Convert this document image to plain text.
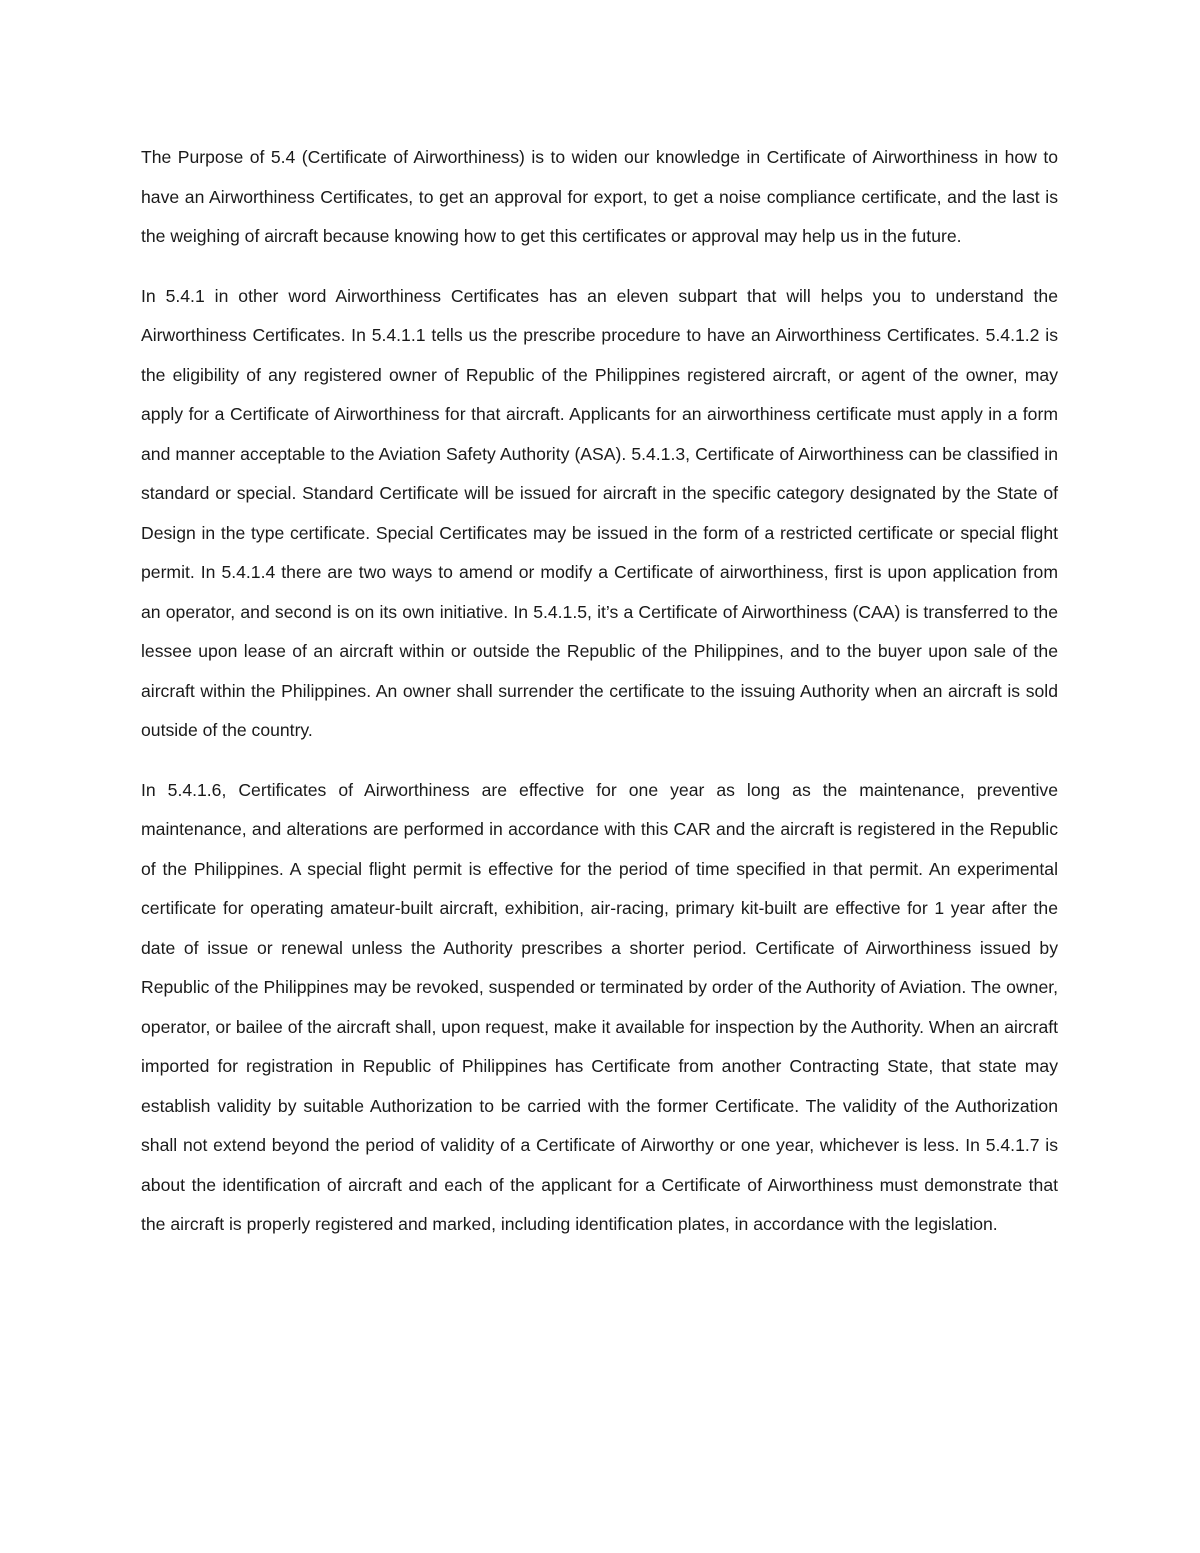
The Purpose of 5.4 (Certificate of Airworthiness) is to widen our knowledge in Certificate of Airworthiness in how to have an Airworthiness Certificates, to get an approval for export, to get a noise compliance certificate, and the last is the weighing of aircraft because knowing how to get this certificates or approval may help us in the future.

In 5.4.1 in other word Airworthiness Certificates has an eleven subpart that will helps you to understand the Airworthiness Certificates. In 5.4.1.1 tells us the prescribe procedure to have an Airworthiness Certificates. 5.4.1.2 is the eligibility of any registered owner of Republic of the Philippines registered aircraft, or agent of the owner, may apply for a Certificate of Airworthiness for that aircraft. Applicants for an airworthiness certificate must apply in a form and manner acceptable to the Aviation Safety Authority (ASA). 5.4.1.3, Certificate of Airworthiness can be classified in standard or special. Standard Certificate will be issued for aircraft in the specific category designated by the State of Design in the type certificate. Special Certificates may be issued in the form of a restricted certificate or special flight permit. In 5.4.1.4 there are two ways to amend or modify a Certificate of airworthiness, first is upon application from an operator, and second is on its own initiative. In 5.4.1.5, it’s a Certificate of Airworthiness (CAA) is transferred to the lessee upon lease of an aircraft within or outside the Republic of the Philippines, and to the buyer upon sale of the aircraft within the Philippines. An owner shall surrender the certificate to the issuing Authority when an aircraft is sold outside of the country.

In 5.4.1.6, Certificates of Airworthiness are effective for one year as long as the maintenance, preventive maintenance, and alterations are performed in accordance with this CAR and the aircraft is registered in the Republic of the Philippines. A special flight permit is effective for the period of time specified in that permit. An experimental certificate for operating amateur-built aircraft, exhibition, air-racing, primary kit-built are effective for 1 year after the date of issue or renewal unless the Authority prescribes a shorter period. Certificate of Airworthiness issued by Republic of the Philippines may be revoked, suspended or terminated by order of the Authority of Aviation. The owner, operator, or bailee of the aircraft shall, upon request, make it available for inspection by the Authority. When an aircraft imported for registration in Republic of Philippines has Certificate from another Contracting State, that state may establish validity by suitable Authorization to be carried with the former Certificate. The validity of the Authorization shall not extend beyond the period of validity of a Certificate of Airworthy or one year, whichever is less. In 5.4.1.7 is about the identification of aircraft and each of the applicant for a Certificate of Airworthiness must demonstrate that the aircraft is properly registered and marked, including identification plates, in accordance with the legislation.
